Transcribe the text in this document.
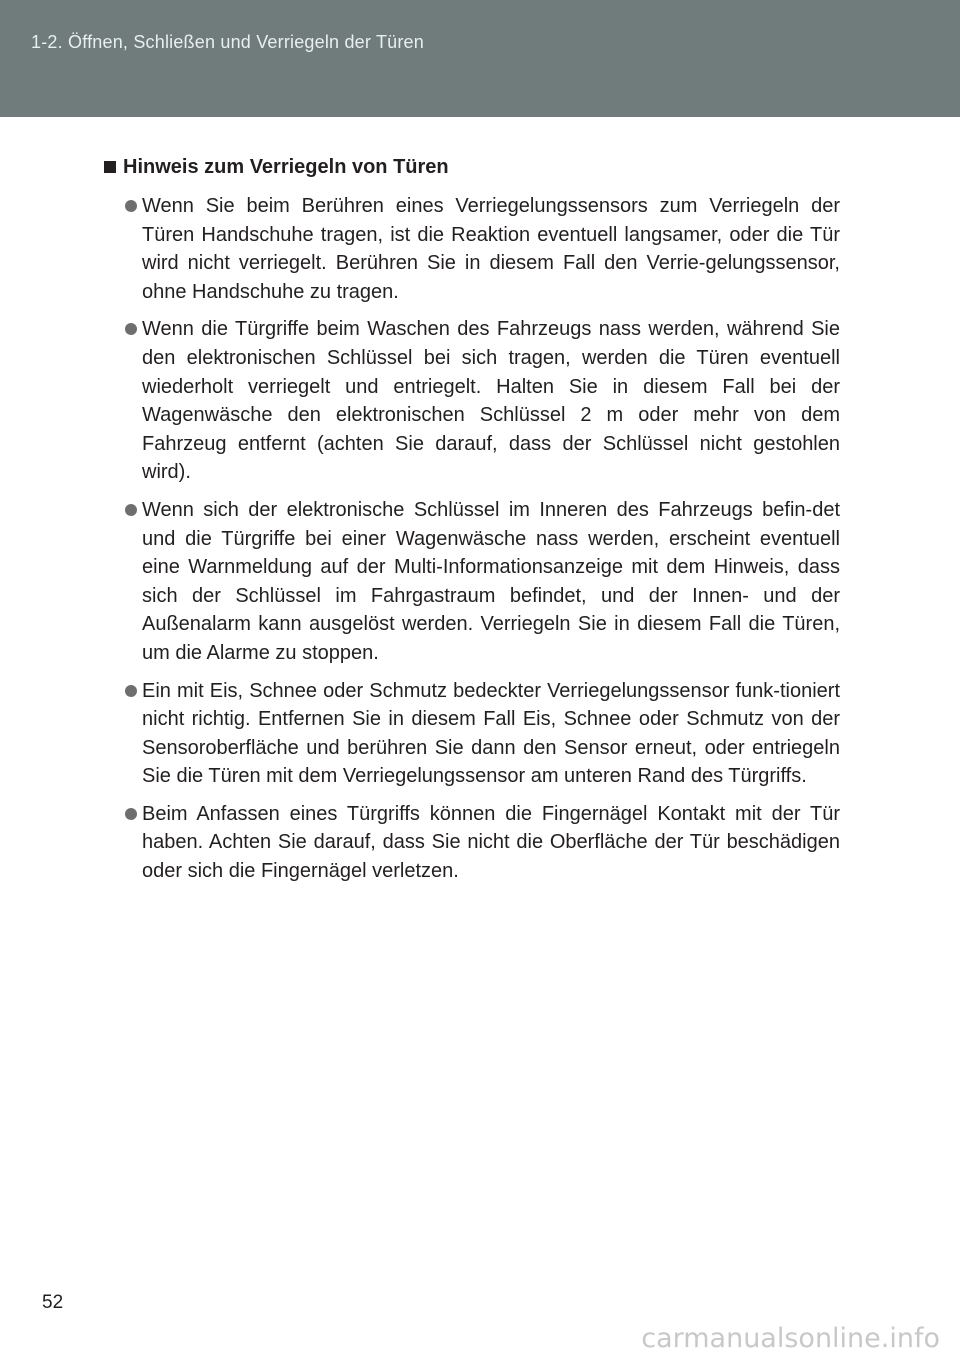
1-2. Öffnen, Schließen und Verriegeln der Türen
Hinweis zum Verriegeln von Türen
Wenn Sie beim Berühren eines Verriegelungssensors zum Verriegeln der Türen Handschuhe tragen, ist die Reaktion eventuell langsamer, oder die Tür wird nicht verriegelt. Berühren Sie in diesem Fall den Verrie-gelungssensor, ohne Handschuhe zu tragen.
Wenn die Türgriffe beim Waschen des Fahrzeugs nass werden, während Sie den elektronischen Schlüssel bei sich tragen, werden die Türen eventuell wiederholt verriegelt und entriegelt. Halten Sie in diesem Fall bei der Wagenwäsche den elektronischen Schlüssel 2 m oder mehr von dem Fahrzeug entfernt (achten Sie darauf, dass der Schlüssel nicht gestohlen wird).
Wenn sich der elektronische Schlüssel im Inneren des Fahrzeugs befin-det und die Türgriffe bei einer Wagenwäsche nass werden, erscheint eventuell eine Warnmeldung auf der Multi-Informationsanzeige mit dem Hinweis, dass sich der Schlüssel im Fahrgastraum befindet, und der Innen- und der Außenalarm kann ausgelöst werden. Verriegeln Sie in diesem Fall die Türen, um die Alarme zu stoppen.
Ein mit Eis, Schnee oder Schmutz bedeckter Verriegelungssensor funk-tioniert nicht richtig. Entfernen Sie in diesem Fall Eis, Schnee oder Schmutz von der Sensoroberfläche und berühren Sie dann den Sensor erneut, oder entriegeln Sie die Türen mit dem Verriegelungssensor am unteren Rand des Türgriffs.
Beim Anfassen eines Türgriffs können die Fingernägel Kontakt mit der Tür haben. Achten Sie darauf, dass Sie nicht die Oberfläche der Tür beschädigen oder sich die Fingernägel verletzen.
52
carmanualsonline.info
